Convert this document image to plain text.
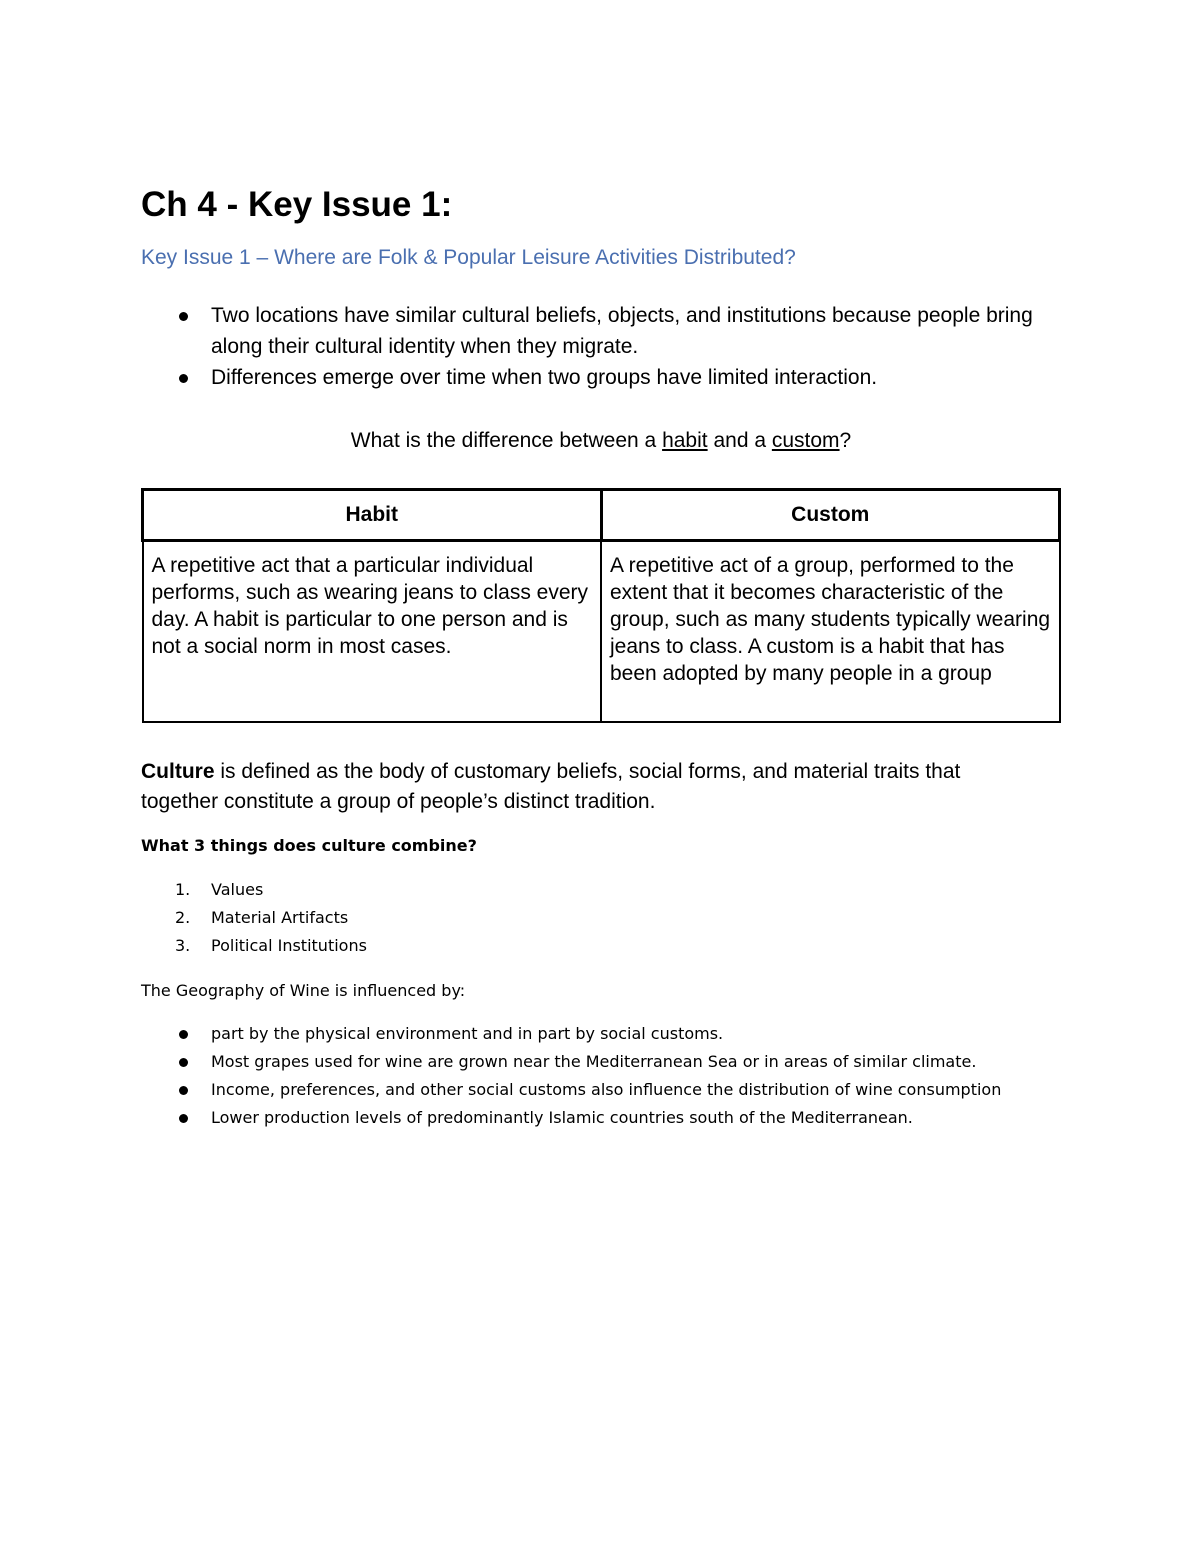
Ch 4 - Key Issue 1:
Key Issue 1 – Where are Folk & Popular Leisure Activities Distributed?
Two locations have similar cultural beliefs, objects, and institutions because people bring along their cultural identity when they migrate.
Differences emerge over time when two groups have limited interaction.
What is the difference between a habit and a custom?
Habit	Custom
A repetitive act that a particular individual performs, such as wearing jeans to class every day. A habit is particular to one person and is not a social norm in most cases.	A repetitive act of a group, performed to the extent that it becomes characteristic of the group, such as many students typically wearing jeans to class. A custom is a habit that has been adopted by many people in a group
Culture is defined as the body of customary beliefs, social forms, and material traits that together constitute a group of people’s distinct tradition.
What 3 things does culture combine?
1. Values
2. Material Artifacts
3. Political Institutions
The Geography of Wine is influenced by:
part by the physical environment and in part by social customs.
Most grapes used for wine are grown near the Mediterranean Sea or in areas of similar climate.
Income, preferences, and other social customs also influence the distribution of wine consumption
Lower production levels of predominantly Islamic countries south of the Mediterranean.
